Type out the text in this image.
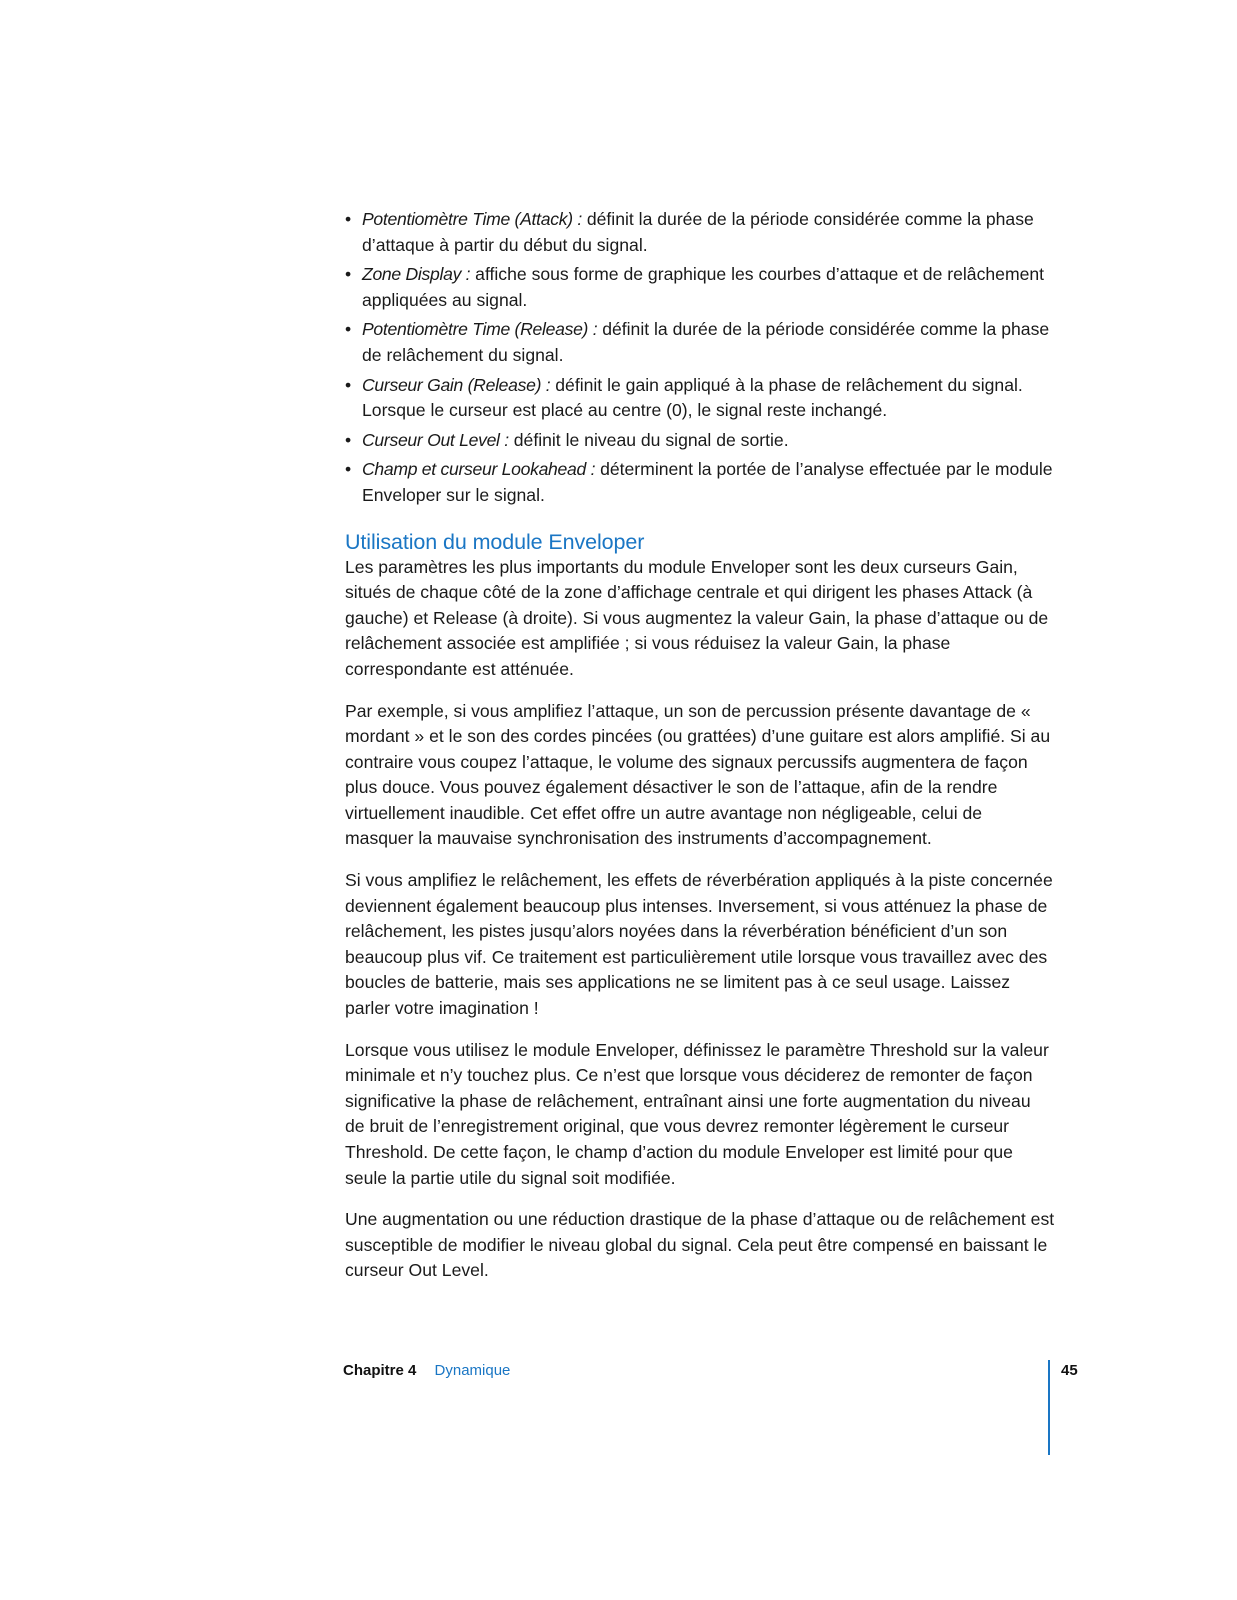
• Potentiomètre Time (Attack) : définit la durée de la période considérée comme la phase d’attaque à partir du début du signal.
• Zone Display : affiche sous forme de graphique les courbes d’attaque et de relâchement appliquées au signal.
• Potentiomètre Time (Release) : définit la durée de la période considérée comme la phase de relâchement du signal.
• Curseur Gain (Release) : définit le gain appliqué à la phase de relâchement du signal. Lorsque le curseur est placé au centre (0), le signal reste inchangé.
• Curseur Out Level : définit le niveau du signal de sortie.
• Champ et curseur Lookahead : déterminent la portée de l’analyse effectuée par le module Enveloper sur le signal.
Utilisation du module Enveloper

Les paramètres les plus importants du module Enveloper sont les deux curseurs Gain, situés de chaque côté de la zone d’affichage centrale et qui dirigent les phases Attack (à gauche) et Release (à droite). Si vous augmentez la valeur Gain, la phase d’attaque ou de relâchement associée est amplifiée ; si vous réduisez la valeur Gain, la phase correspondante est atténuée.

Par exemple, si vous amplifiez l’attaque, un son de percussion présente davantage de « mordant » et le son des cordes pincées (ou grattées) d’une guitare est alors amplifié. Si au contraire vous coupez l’attaque, le volume des signaux percussifs augmentera de façon plus douce. Vous pouvez également désactiver le son de l’attaque, afin de la rendre virtuellement inaudible. Cet effet offre un autre avantage non négligeable, celui de masquer la mauvaise synchronisation des instruments d’accompagnement.

Si vous amplifiez le relâchement, les effets de réverbération appliqués à la piste concernée deviennent également beaucoup plus intenses. Inversement, si vous atténuez la phase de relâchement, les pistes jusqu’alors noyées dans la réverbération bénéficient d’un son beaucoup plus vif. Ce traitement est particulièrement utile lorsque vous travaillez avec des boucles de batterie, mais ses applications ne se limitent pas à ce seul usage. Laissez parler votre imagination !

Lorsque vous utilisez le module Enveloper, définissez le paramètre Threshold sur la valeur minimale et n’y touchez plus. Ce n’est que lorsque vous déciderez de remonter de façon significative la phase de relâchement, entraînant ainsi une forte augmentation du niveau de bruit de l’enregistrement original, que vous devrez remonter légèrement le curseur Threshold. De cette façon, le champ d’action du module Enveloper est limité pour que seule la partie utile du signal soit modifiée.

Une augmentation ou une réduction drastique de la phase d’attaque ou de relâchement est susceptible de modifier le niveau global du signal. Cela peut être compensé en baissant le curseur Out Level.

Chapitre 4 Dynamique	45
